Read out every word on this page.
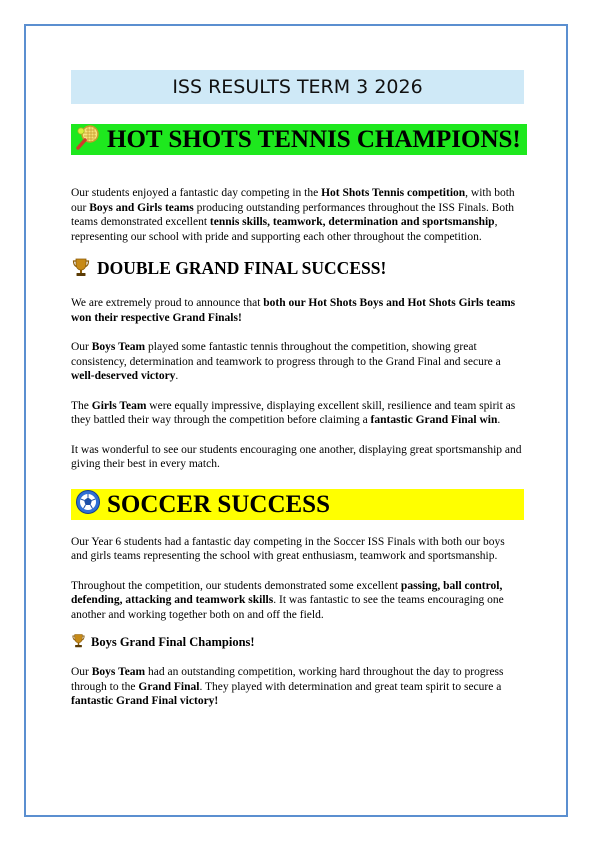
ISS RESULTS TERM 3 2026
HOT SHOTS TENNIS CHAMPIONS!

Our students enjoyed a fantastic day competing in the Hot Shots Tennis competition, with both our Boys and Girls teams producing outstanding performances throughout the ISS Finals. Both teams demonstrated excellent tennis skills, teamwork, determination and sportsmanship, representing our school with pride and supporting each other throughout the competition.

DOUBLE GRAND FINAL SUCCESS!

We are extremely proud to announce that both our Hot Shots Boys and Hot Shots Girls teams won their respective Grand Finals!

Our Boys Team played some fantastic tennis throughout the competition, showing great consistency, determination and teamwork to progress through to the Grand Final and secure a well-deserved victory.

The Girls Team were equally impressive, displaying excellent skill, resilience and team spirit as they battled their way through the competition before claiming a fantastic Grand Final win.

It was wonderful to see our students encouraging one another, displaying great sportsmanship and giving their best in every match.

SOCCER SUCCESS

Our Year 6 students had a fantastic day competing in the Soccer ISS Finals with both our boys and girls teams representing the school with great enthusiasm, teamwork and sportsmanship.

Throughout the competition, our students demonstrated some excellent passing, ball control, defending, attacking and teamwork skills. It was fantastic to see the teams encouraging one another and working together both on and off the field.

Boys Grand Final Champions!

Our Boys Team had an outstanding competition, working hard throughout the day to progress through to the Grand Final. They played with determination and great team spirit to secure a fantastic Grand Final victory!
